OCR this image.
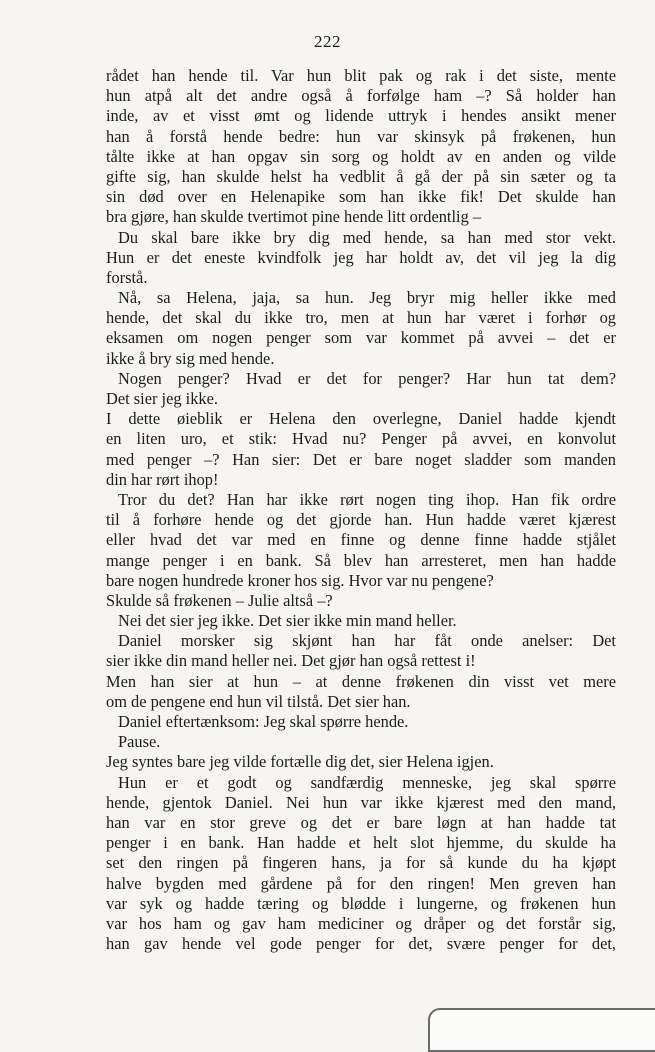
222
rådet han hende til. Var hun blit pak og rak i det siste, mente
hun atpå alt det andre også å forfølge ham –? Så holder han
inde, av et visst ømt og lidende uttryk i hendes ansikt mener
han å forstå hende bedre: hun var skinsyk på frøkenen, hun
tålte ikke at han opgav sin sorg og holdt av en anden og vilde
gifte sig, han skulde helst ha vedblit å gå der på sin sæter og ta
sin død over en Helenapike som han ikke fik! Det skulde han
bra gjøre, han skulde tvertimot pine hende litt ordentlig –
Du skal bare ikke bry dig med hende, sa han med stor vekt.
Hun er det eneste kvindfolk jeg har holdt av, det vil jeg la dig
forstå.
Nå, sa Helena, jaja, sa hun. Jeg bryr mig heller ikke med
hende, det skal du ikke tro, men at hun har været i forhør og
eksamen om nogen penger som var kommet på avvei – det er
ikke å bry sig med hende.
Nogen penger? Hvad er det for penger? Har hun tat dem?
Det sier jeg ikke.
I dette øieblik er Helena den overlegne, Daniel hadde kjendt
en liten uro, et stik: Hvad nu? Penger på avvei, en konvolut
med penger –? Han sier: Det er bare noget sladder som manden
din har rørt ihop!
Tror du det? Han har ikke rørt nogen ting ihop. Han fik ordre
til å forhøre hende og det gjorde han. Hun hadde været kjærest
eller hvad det var med en finne og denne finne hadde stjålet
mange penger i en bank. Så blev han arresteret, men han hadde
bare nogen hundrede kroner hos sig. Hvor var nu pengene?
Skulde så frøkenen – Julie altså –?
Nei det sier jeg ikke. Det sier ikke min mand heller.
Daniel morsker sig skjønt han har fåt onde anelser: Det
sier ikke din mand heller nei. Det gjør han også rettest i!
Men han sier at hun – at denne frøkenen din visst vet mere
om de pengene end hun vil tilstå. Det sier han.
Daniel eftertænksom: Jeg skal spørre hende.
Pause.
Jeg syntes bare jeg vilde fortælle dig det, sier Helena igjen.
Hun er et godt og sandfærdig menneske, jeg skal spørre
hende, gjentok Daniel. Nei hun var ikke kjærest med den mand,
han var en stor greve og det er bare løgn at han hadde tat
penger i en bank. Han hadde et helt slot hjemme, du skulde ha
set den ringen på fingeren hans, ja for så kunde du ha kjøpt
halve bygden med gårdene på for den ringen! Men greven han
var syk og hadde tæring og blødde i lungerne, og frøkenen hun
var hos ham og gav ham mediciner og dråper og det forstår sig,
han gav hende vel gode penger for det, svære penger for det,
